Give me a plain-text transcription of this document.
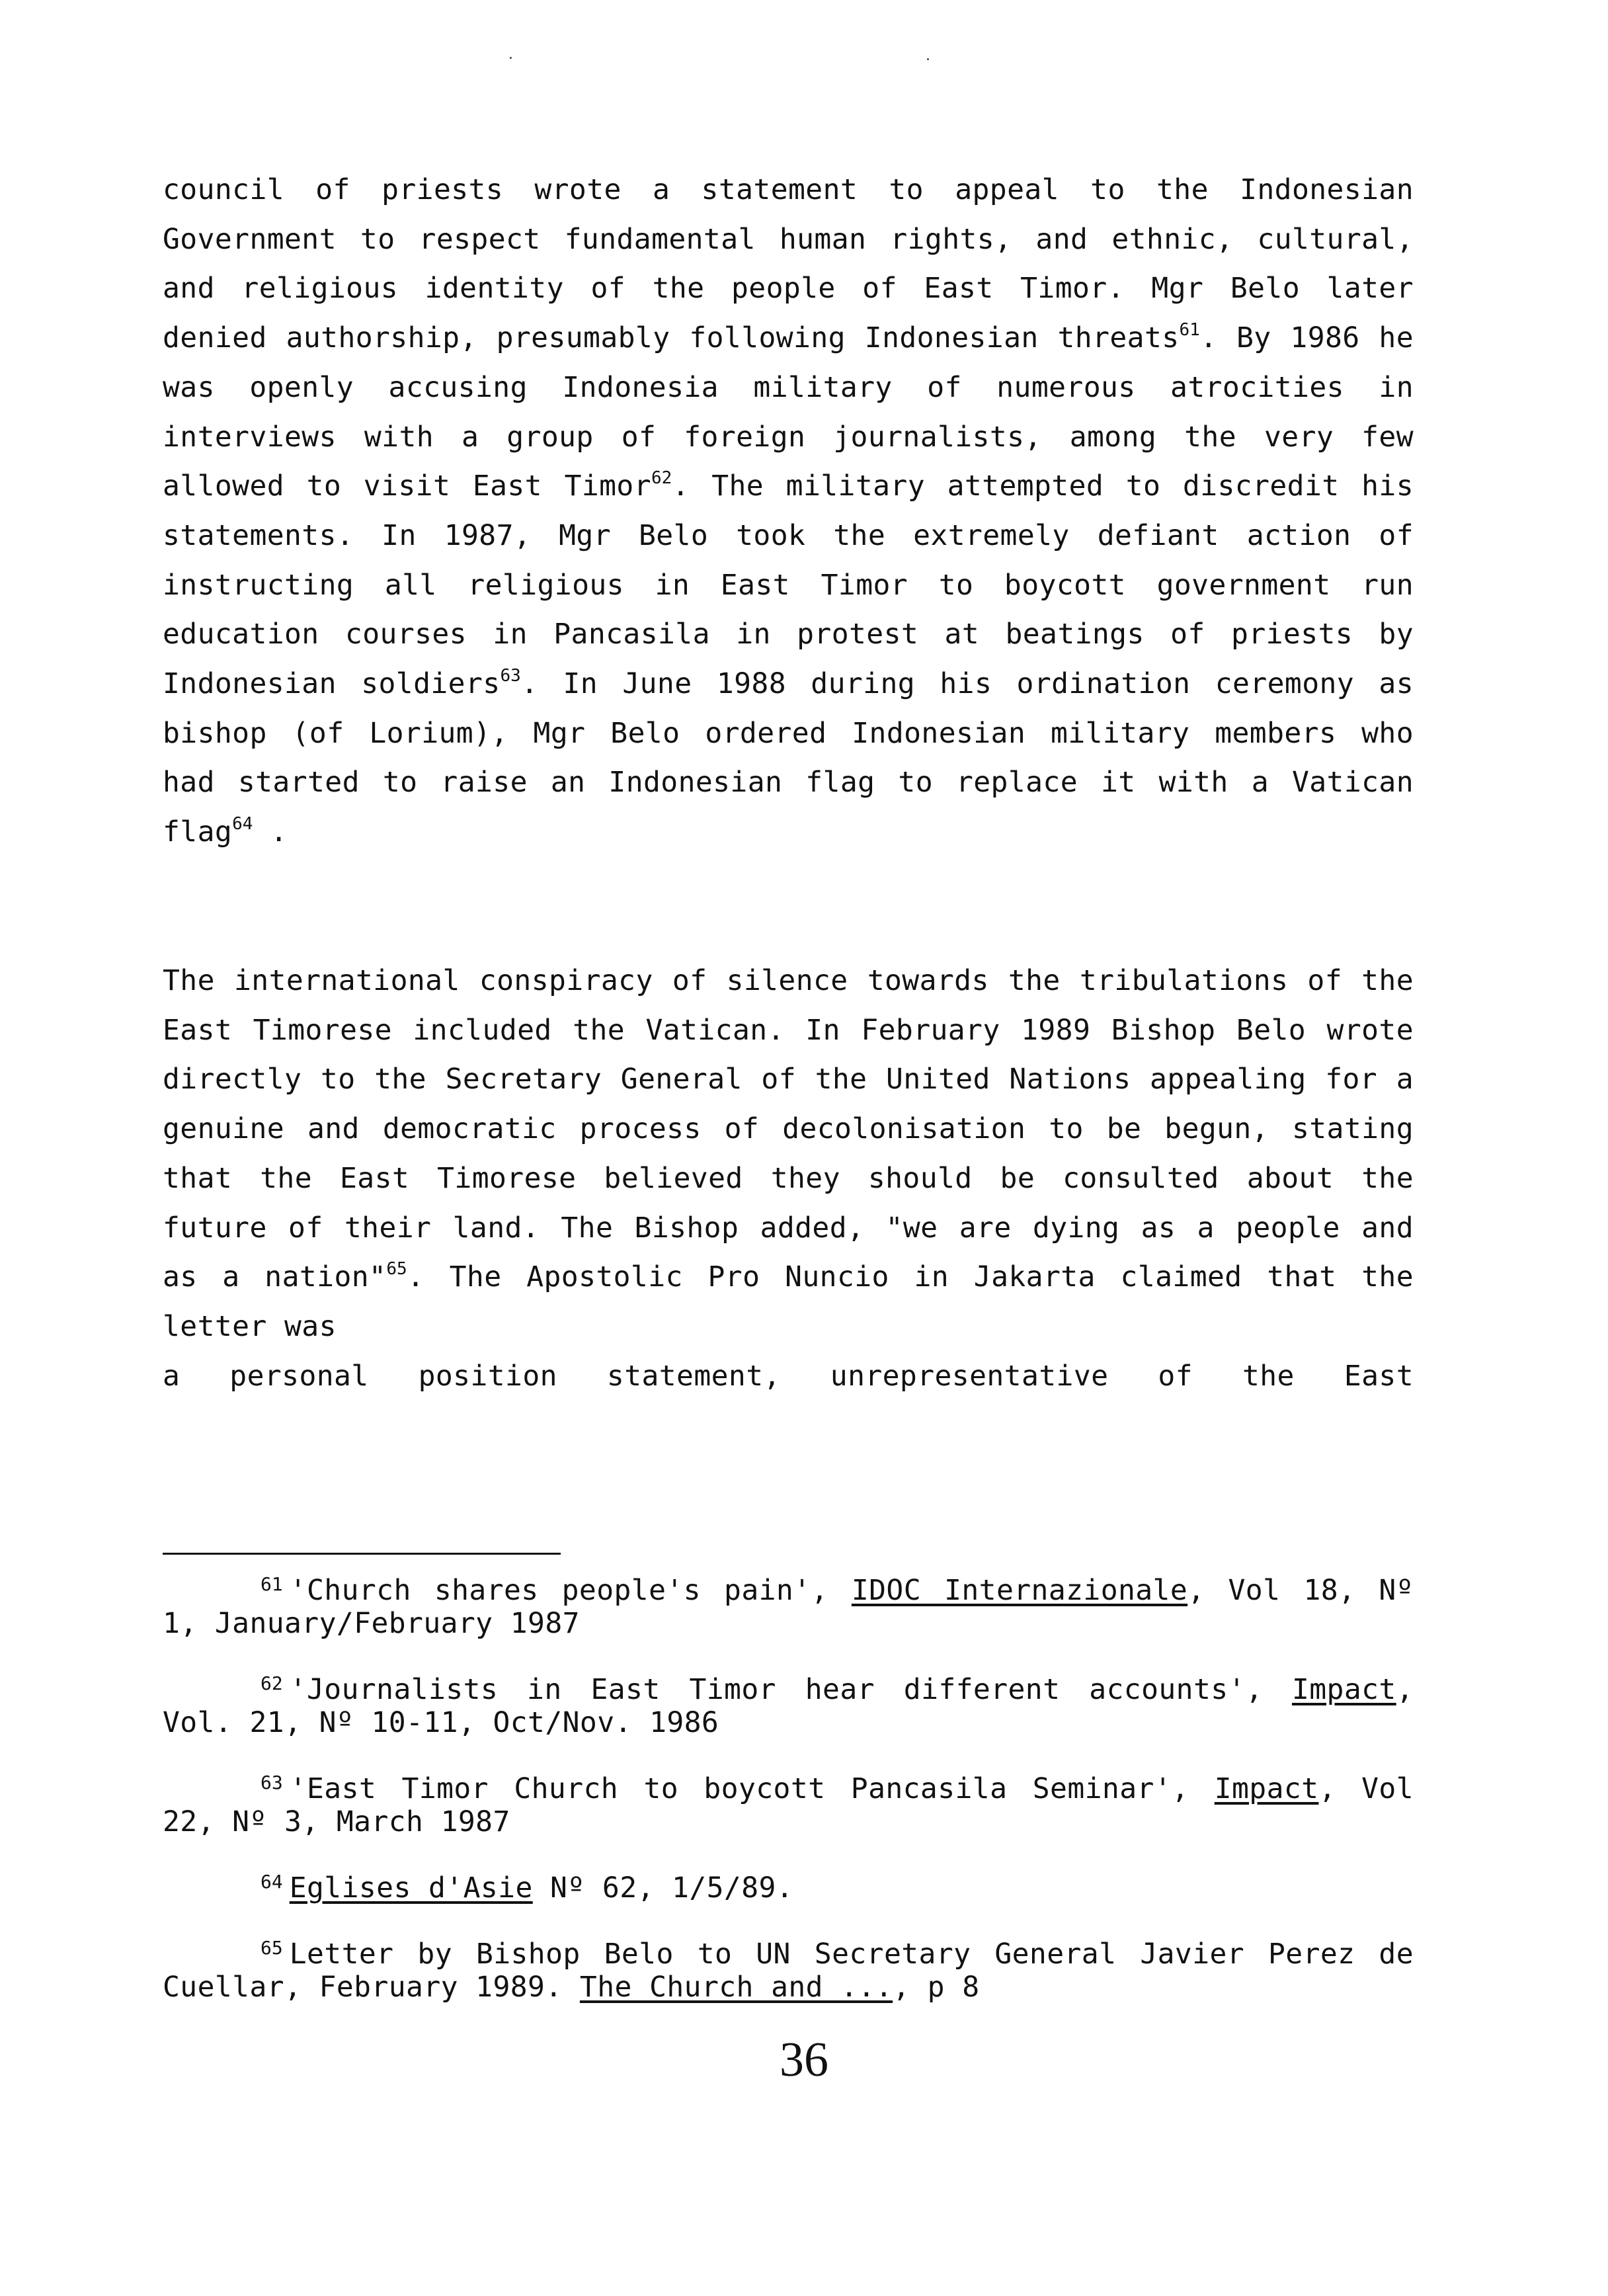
council of priests wrote a statement to appeal to the Indonesian Government to respect fundamental human rights, and ethnic, cultural, and religious identity of the people of East Timor. Mgr Belo later denied authorship, presumably following Indonesian threats$^{61}$. By 1986 he was openly accusing Indonesia military of numerous atrocities in interviews with a group of foreign journalists, among the very few allowed to visit East Timor$^{62}$. The military attempted to discredit his statements. In 1987, Mgr Belo took the extremely defiant action of instructing all religious in East Timor to boycott government run education courses in Pancasila in protest at beatings of priests by Indonesian soldiers$^{63}$. In June 1988 during his ordination ceremony as bishop (of Lorium), Mgr Belo ordered Indonesian military members who had started to raise an Indonesian flag to replace it with a Vatican flag$^{64}$ .

The international conspiracy of silence towards the tribulations of the East Timorese included the Vatican. In February 1989 Bishop Belo wrote directly to the Secretary General of the United Nations appealing for a genuine and democratic process of decolonisation to be begun, stating that the East Timorese believed they should be consulted about the future of their land. The Bishop added, "we are dying as a people and as a nation"$^{65}$. The Apostolic Pro Nuncio in Jakarta claimed that the letter was
a personal position statement, unrepresentative of the East

$^{61}$ 'Church shares people's pain', IDOC Internazionale, Vol 18, Nº 1, January/February 1987

$^{62}$ 'Journalists in East Timor hear different accounts', Impact, Vol. 21, Nº 10-11, Oct/Nov. 1986

$^{63}$ 'East Timor Church to boycott Pancasila Seminar', Impact, Vol 22, Nº 3, March 1987

$^{64}$ Eglises d'Asie Nº 62, 1/5/89.

$^{65}$ Letter by Bishop Belo to UN Secretary General Javier Perez de Cuellar, February 1989. The Church and ..., p 8

36
